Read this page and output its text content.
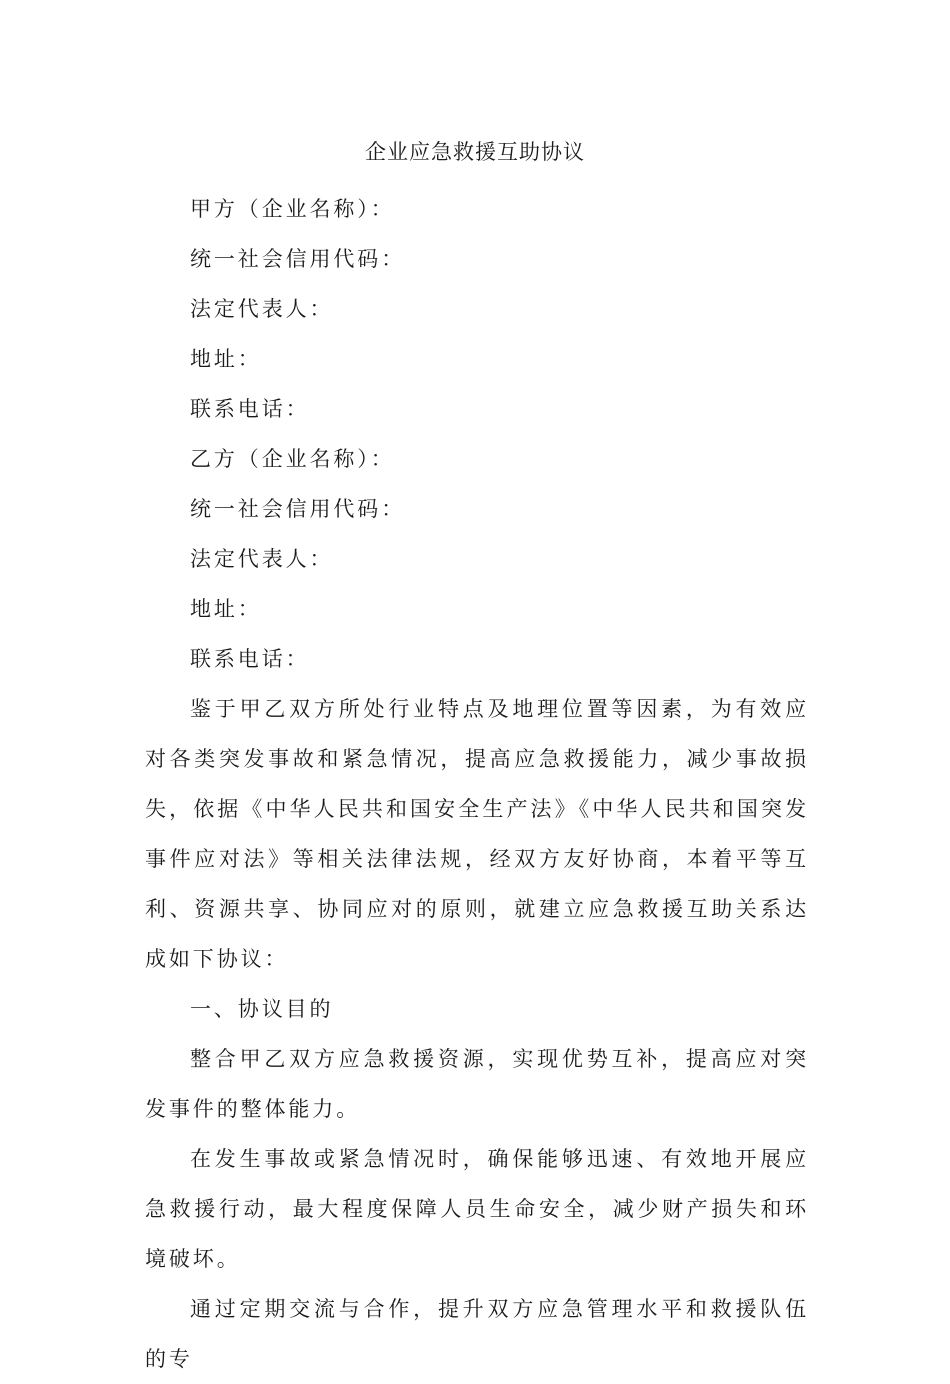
企业应急救援互助协议

甲方（企业名称）：

统一社会信用代码：

法定代表人：

地址：

联系电话：

乙方（企业名称）：

统一社会信用代码：

法定代表人：

地址：

联系电话：

鉴于甲乙双方所处行业特点及地理位置等因素，为有效应对各类突发事故和紧急情况，提高应急救援能力，减少事故损失，依据《中华人民共和国安全生产法》《中华人民共和国突发事件应对法》等相关法律法规，经双方友好协商，本着平等互利、资源共享、协同应对的原则，就建立应急救援互助关系达成如下协议：

一、协议目的

整合甲乙双方应急救援资源，实现优势互补，提高应对突发事件的整体能力。

在发生事故或紧急情况时，确保能够迅速、有效地开展应急救援行动，最大程度保障人员生命安全，减少财产损失和环境破坏。

通过定期交流与合作，提升双方应急管理水平和救援队伍的专
